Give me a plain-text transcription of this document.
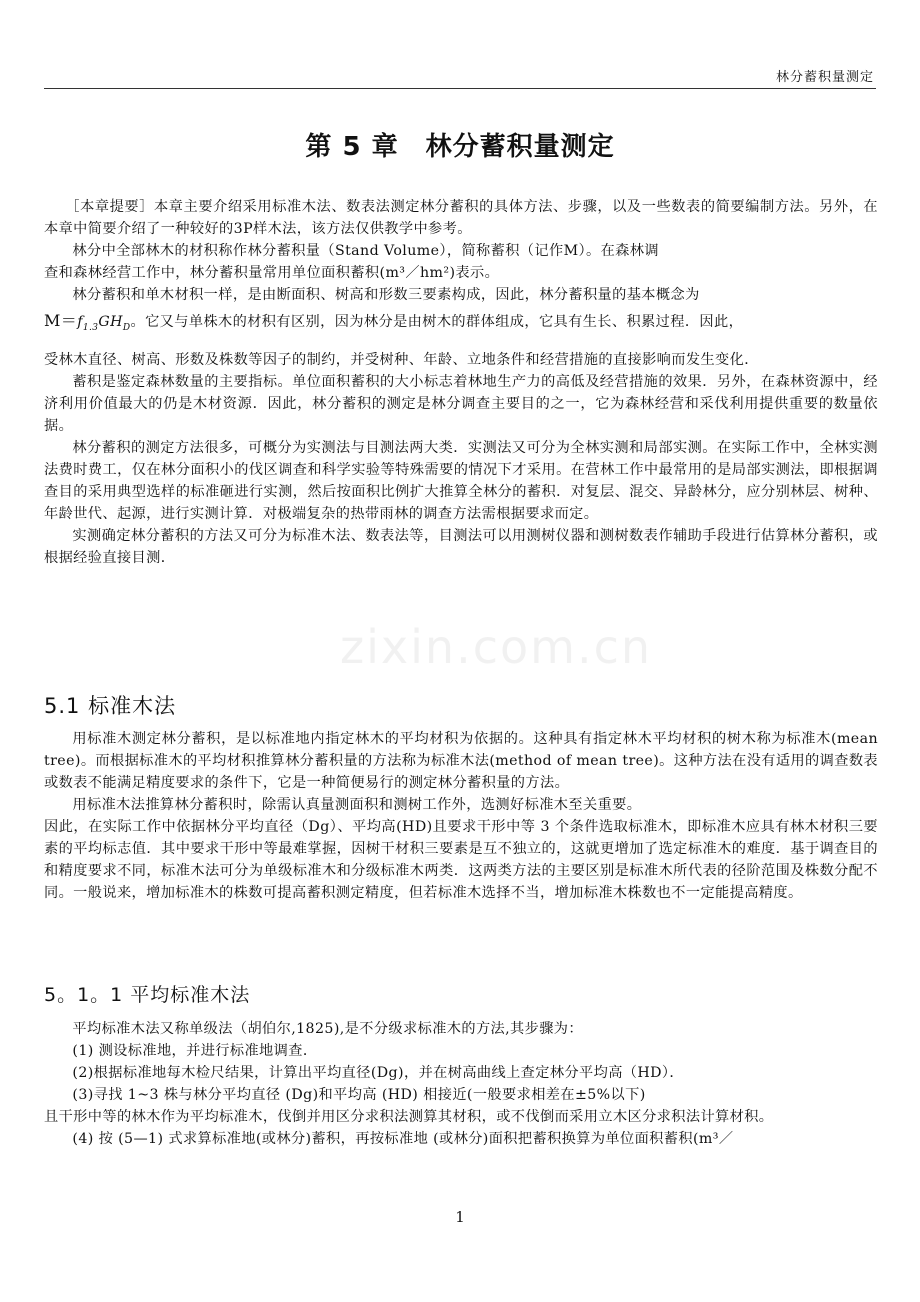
林分蓄积量测定
zixin.com.cn
第 5 章　林分蓄积量测定

［本章提要］本章主要介绍采用标准木法、数表法测定林分蓄积的具体方法、步骤，以及一些数表的简要编制方法。另外，在本章中简要介绍了一种较好的3P样木法，该方法仅供教学中参考。

林分中全部林木的材积称作林分蓄积量（Stand Volume），简称蓄积（记作M）。在森林调

查和森林经营工作中，林分蓄积量常用单位面积蓄积(m³／hm²)表示。

林分蓄积和单木材积一样，是由断面积、树高和形数三要素构成，因此，林分蓄积量的基本概念为

$M=f_{1.3}GH_D$。它又与单株木的材积有区别，因为林分是由树木的群体组成，它具有生长、积累过程．因此，

受林木直径、树高、形数及株数等因子的制约，并受树种、年龄、立地条件和经营措施的直接影响而发生变化．

蓄积是鉴定森林数量的主要指标。单位面积蓄积的大小标志着林地生产力的高低及经营措施的效果．另外，在森林资源中，经济利用价值最大的仍是木材资源．因此，林分蓄积的测定是林分调查主要目的之一，它为森林经营和采伐利用提供重要的数量依据。

林分蓄积的测定方法很多，可概分为实测法与目测法两大类．实测法又可分为全林实测和局部实测。在实际工作中，全林实测法费时费工，仅在林分面积小的伐区调查和科学实验等特殊需要的情况下才采用。在营林工作中最常用的是局部实测法，即根据调查目的采用典型选样的标准砸进行实测，然后按面积比例扩大推算全林分的蓄积．对复层、混交、异龄林分，应分别林层、树种、年龄世代、起源，进行实测计算．对极端复杂的热带雨林的调查方法需根据要求而定。

实测确定林分蓄积的方法又可分为标准木法、数表法等，目测法可以用测树仪器和测树数表作辅助手段进行估算林分蓄积，或根据经验直接目测．

5.1 标准木法

用标准木测定林分蓄积，是以标准地内指定林木的平均材积为依据的。这种具有指定林木平均材积的树木称为标准木(mean tree)。而根据标准木的平均材积推算林分蓄积量的方法称为标准木法(method of mean tree)。这种方法在没有适用的调查数表或数表不能满足精度要求的条件下，它是一种简便易行的测定林分蓄积量的方法。

用标准木法推算林分蓄积时，除需认真量测面积和测树工作外，选测好标准木至关重要。

因此，在实际工作中依据林分平均直径（Dg）、平均高(HD)且要求干形中等 3 个条件选取标准木，即标准木应具有林木材积三要素的平均标志值．其中要求干形中等最难掌握，因树干材积三要素是互不独立的，这就更增加了选定标准木的难度．基于调查目的和精度要求不同，标准木法可分为单级标准木和分级标准木两类．这两类方法的主要区别是标准木所代表的径阶范围及株数分配不同。一般说来，增加标准木的株数可提高蓄积测定精度，但若标准木选择不当，增加标准木株数也不一定能提高精度。

5。1。1 平均标准木法

平均标准木法又称单级法（胡伯尔,1825),是不分级求标准木的方法,其步骤为：

(1) 测设标准地，并进行标准地调查．

(2)根据标准地每木检尺结果，计算出平均直径(Dg)，并在树高曲线上查定林分平均高（HD）．

(3)寻找 1~3 株与林分平均直径 (Dg)和平均高 (HD) 相接近(一般要求相差在±5%以下)

且干形中等的林木作为平均标准木，伐倒并用区分求积法测算其材积，或不伐倒而采用立木区分求积法计算材积。

(4) 按 (5—1) 式求算标准地(或林分)蓄积，再按标准地 (或林分)面积把蓄积换算为单位面积蓄积(m³／

1
